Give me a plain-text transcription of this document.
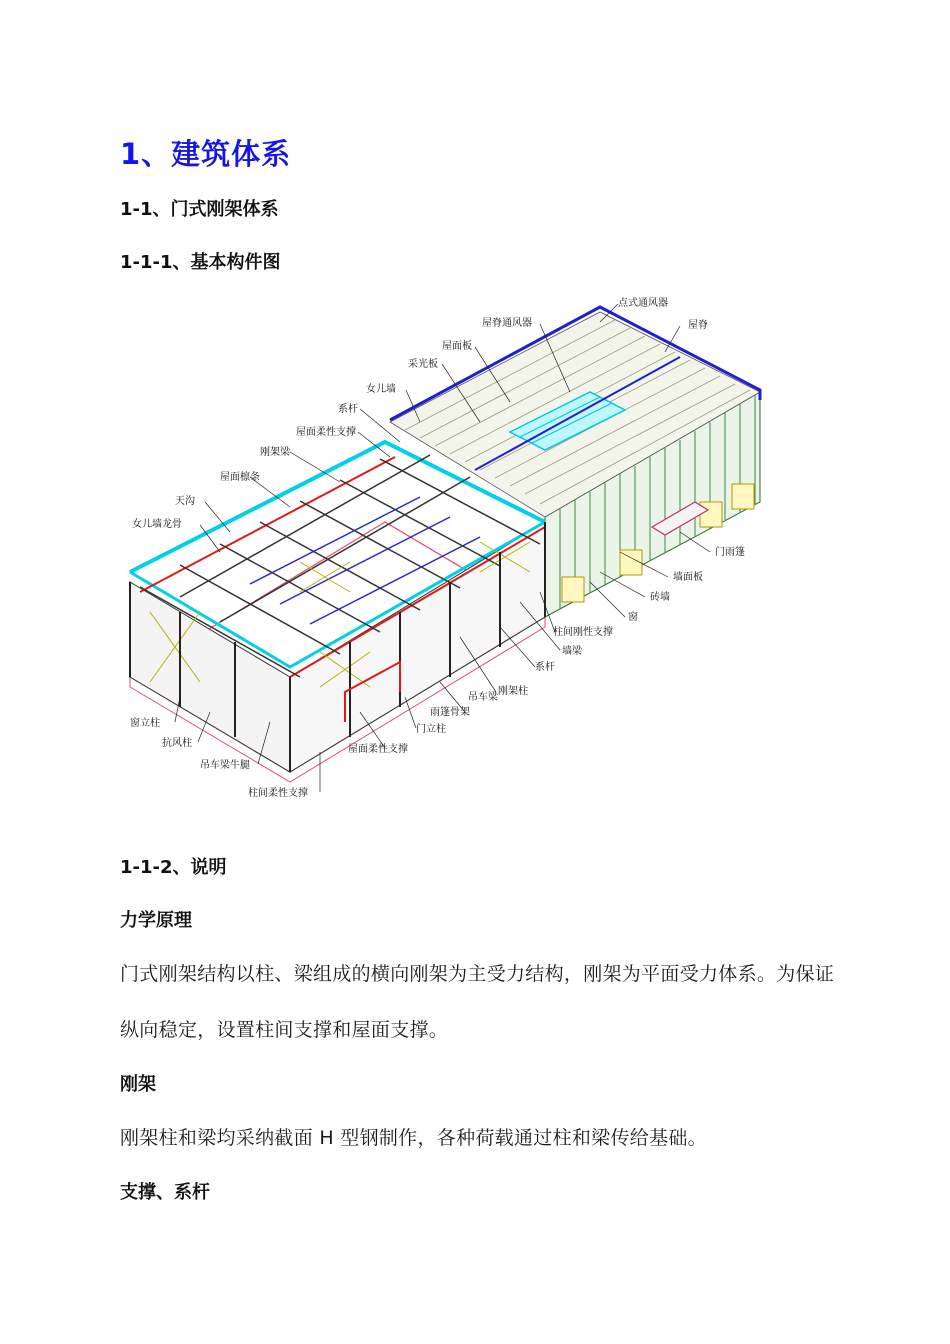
1、建筑体系
1-1、门式刚架体系
1-1-1、基本构件图
点式通风器
屋脊通风器	屋脊
屋面板
采光板
女儿墙
系杆
屋面柔性支撑
刚架梁
屋面檩条
天沟
女儿墙龙骨
门雨篷
墙面板
砖墙
窗
柱间刚性支撑
墙梁
系杆
刚架柱
吊车梁
雨篷骨架
门立柱
屋面柔性支撑
窗立柱
抗风柱
吊车梁牛腿
柱间柔性支撑
1-1-2、说明
力学原理
门式刚架结构以柱、梁组成的横向刚架为主受力结构，刚架为平面受力体系。为保证
纵向稳定，设置柱间支撑和屋面支撑。
刚架
刚架柱和梁均采纳截面 H 型钢制作，各种荷载通过柱和梁传给基础。
支撑、系杆
